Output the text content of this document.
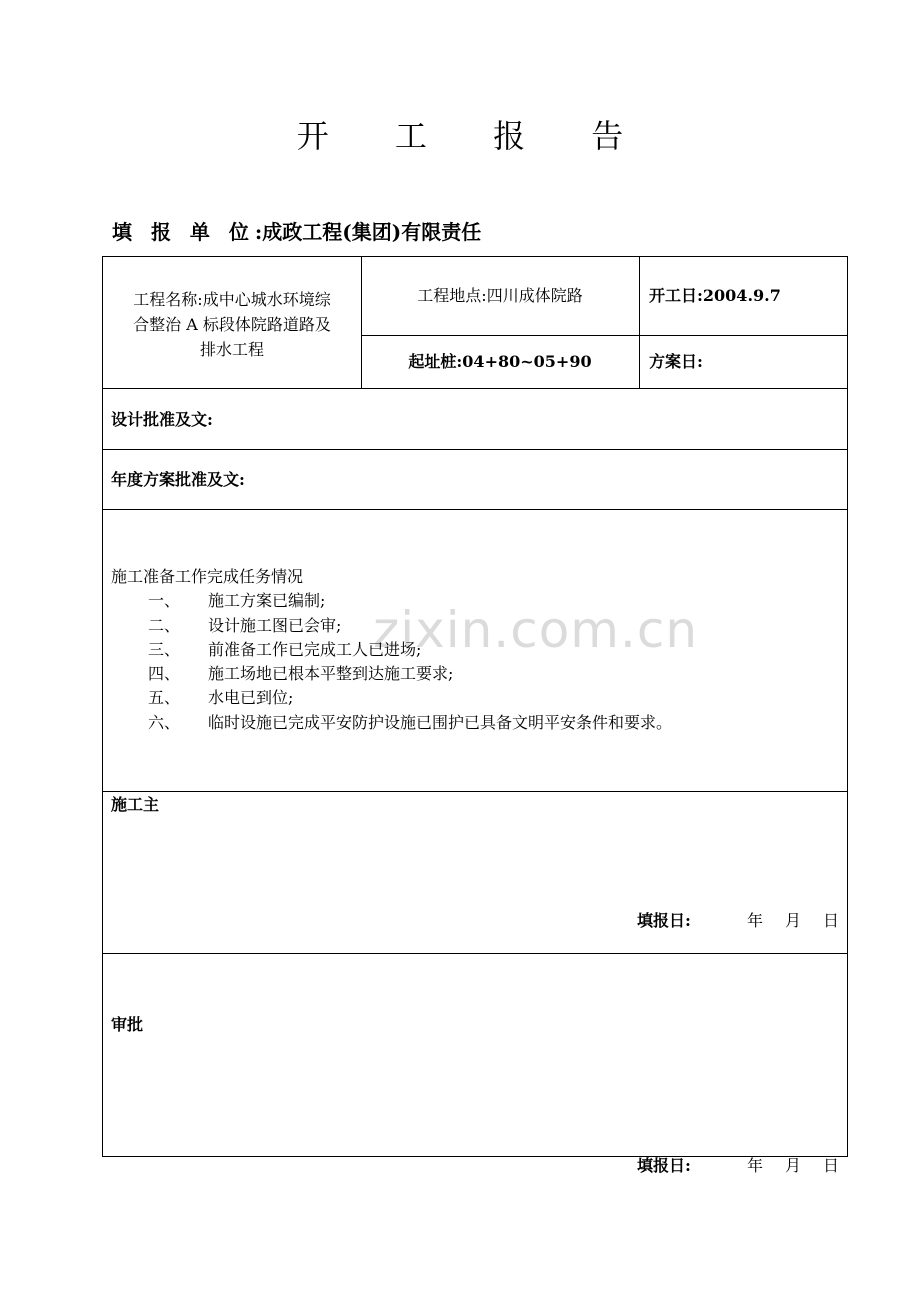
开 工 报 告
填 报 单 位:成政工程(集团)有限责任
工程名称:成中心城水环境综
合整治 A 标段体院路道路及
排水工程
工程地点:四川成体院路	开工日:2004.9.7
起址桩:04+80~05+90	方案日:
设计批准及文:
年度方案批准及文:
zixin.com.cn
施工准备工作完成任务情况
一、	施工方案已编制;
二、	设计施工图已会审;
三、	前准备工作已完成工人已进场;
四、	施工场地已根本平整到达施工要求;
五、	水电已到位;
六、	临时设施已完成平安防护设施已围护已具备文明平安条件和要求。
施工主

填报日:	年 月 日

审批

填报日:	年 月 日
